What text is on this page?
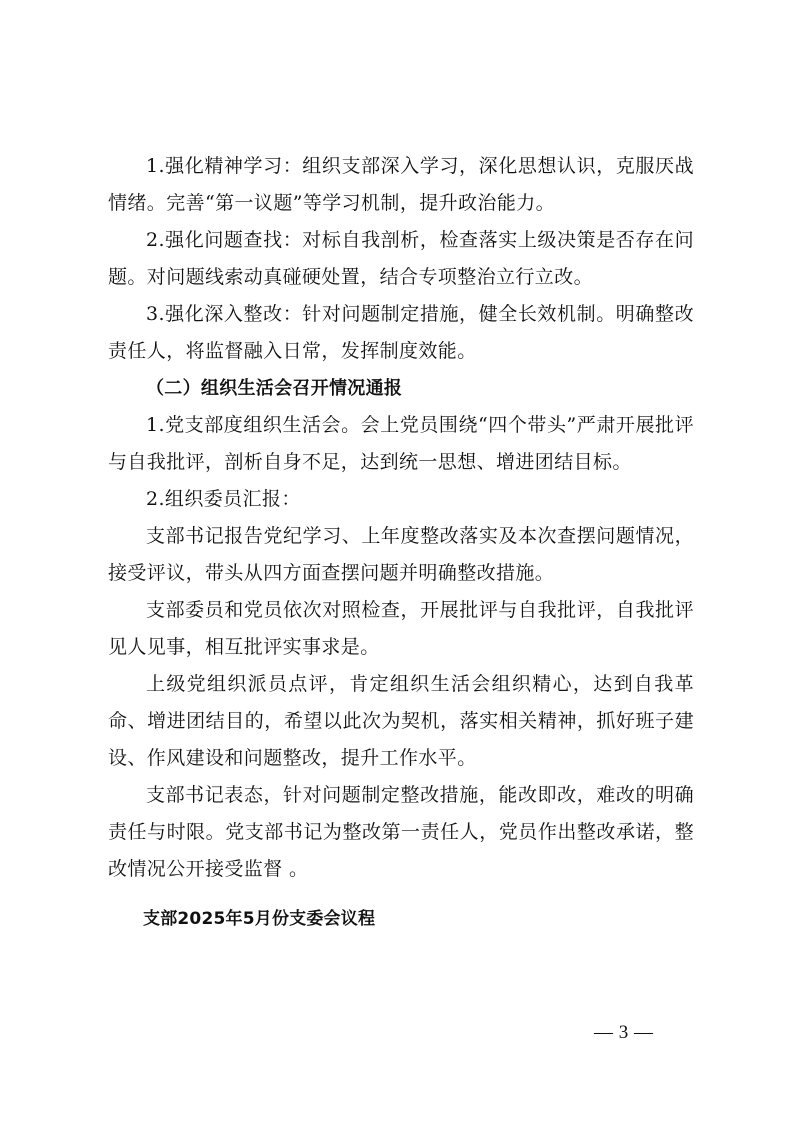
1.强化精神学习：组织支部深入学习，深化思想认识，克服厌战情绪。完善“第一议题”等学习机制，提升政治能力。

2.强化问题查找：对标自我剖析，检查落实上级决策是否存在问题。对问题线索动真碰硬处置，结合专项整治立行立改。

3.强化深入整改：针对问题制定措施，健全长效机制。明确整改责任人，将监督融入日常，发挥制度效能。

（二）组织生活会召开情况通报

1.党支部度组织生活会。会上党员围绕“四个带头”严肃开展批评与自我批评，剖析自身不足，达到统一思想、增进团结目标。

2.组织委员汇报：

支部书记报告党纪学习、上年度整改落实及本次查摆问题情况，接受评议，带头从四方面查摆问题并明确整改措施。

支部委员和党员依次对照检查，开展批评与自我批评，自我批评见人见事，相互批评实事求是。

上级党组织派员点评，肯定组织生活会组织精心，达到自我革命、增进团结目的，希望以此次为契机，落实相关精神，抓好班子建设、作风建设和问题整改，提升工作水平。

支部书记表态，针对问题制定整改措施，能改即改，难改的明确责任与时限。党支部书记为整改第一责任人，党员作出整改承诺，整改情况公开接受监督 。

支部2025年5月份支委会议程

— 3 —
